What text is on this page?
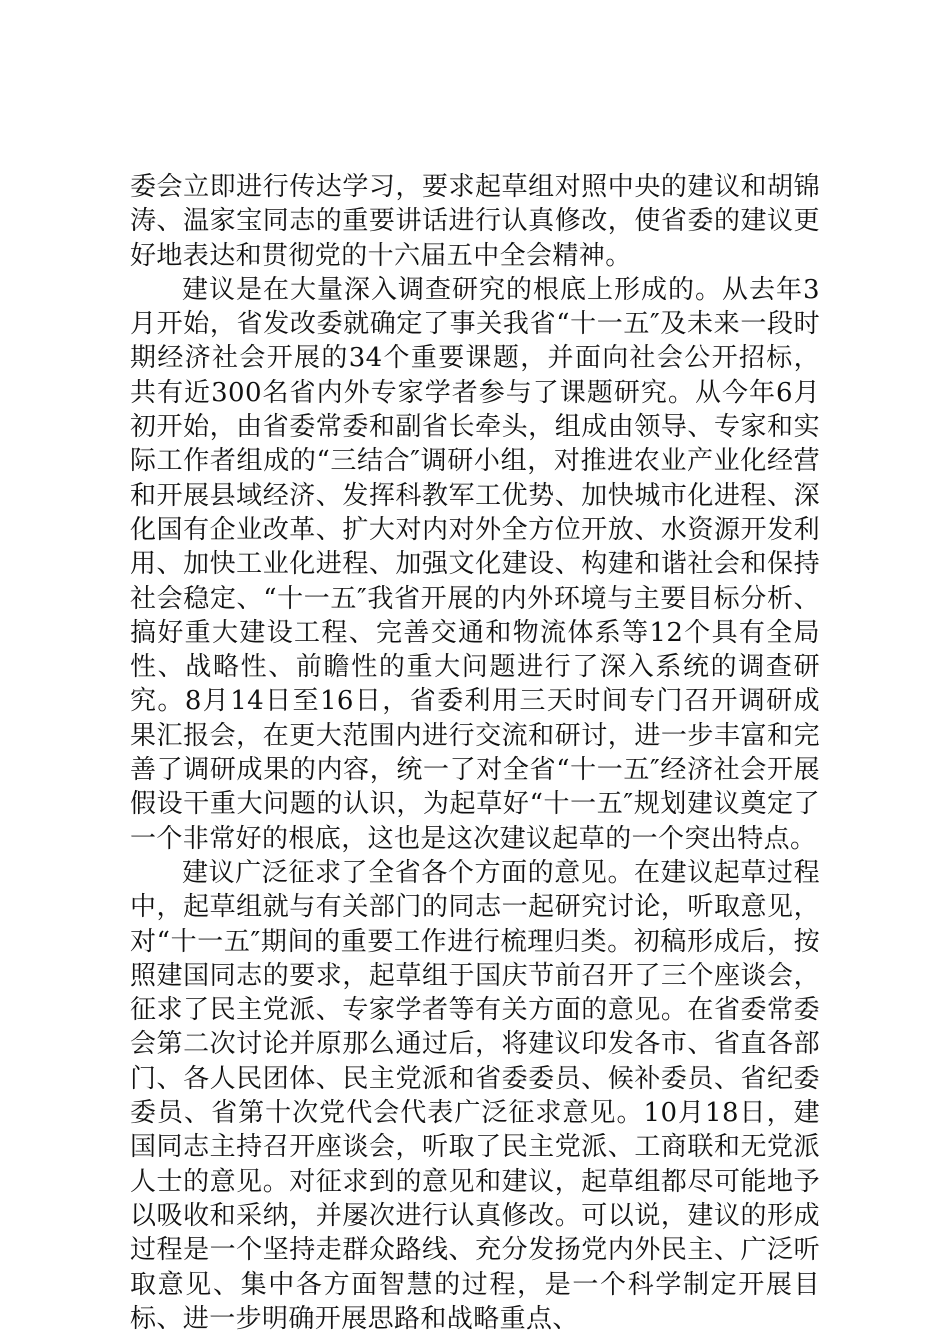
委会立即进行传达学习，要求起草组对照中央的建议和胡锦涛、温家宝同志的重要讲话进行认真修改，使省委的建议更好地表达和贯彻党的十六届五中全会精神。

建议是在大量深入调查研究的根底上形成的。从去年3月开始，省发改委就确定了事关我省“十一五″及未来一段时期经济社会开展的34个重要课题，并面向社会公开招标，共有近300名省内外专家学者参与了课题研究。从今年6月初开始，由省委常委和副省长牵头，组成由领导、专家和实际工作者组成的“三结合″调研小组，对推进农业产业化经营和开展县域经济、发挥科教军工优势、加快城市化进程、深化国有企业改革、扩大对内对外全方位开放、水资源开发利用、加快工业化进程、加强文化建设、构建和谐社会和保持社会稳定、“十一五″我省开展的内外环境与主要目标分析、搞好重大建设工程、完善交通和物流体系等12个具有全局性、战略性、前瞻性的重大问题进行了深入系统的调查研究。8月14日至16日，省委利用三天时间专门召开调研成果汇报会，在更大范围内进行交流和研讨，进一步丰富和完善了调研成果的内容，统一了对全省“十一五″经济社会开展假设干重大问题的认识，为起草好“十一五″规划建议奠定了一个非常好的根底，这也是这次建议起草的一个突出特点。

建议广泛征求了全省各个方面的意见。在建议起草过程中，起草组就与有关部门的同志一起研究讨论，听取意见，对“十一五″期间的重要工作进行梳理归类。初稿形成后，按照建国同志的要求，起草组于国庆节前召开了三个座谈会，征求了民主党派、专家学者等有关方面的意见。在省委常委会第二次讨论并原那么通过后，将建议印发各市、省直各部门、各人民团体、民主党派和省委委员、候补委员、省纪委委员、省第十次党代会代表广泛征求意见。10月18日，建国同志主持召开座谈会，听取了民主党派、工商联和无党派人士的意见。对征求到的意见和建议，起草组都尽可能地予以吸收和采纳，并屡次进行认真修改。可以说，建议的形成过程是一个坚持走群众路线、充分发扬党内外民主、广泛听取意见、集中各方面智慧的过程，是一个科学制定开展目标、进一步明确开展思路和战略重点、
